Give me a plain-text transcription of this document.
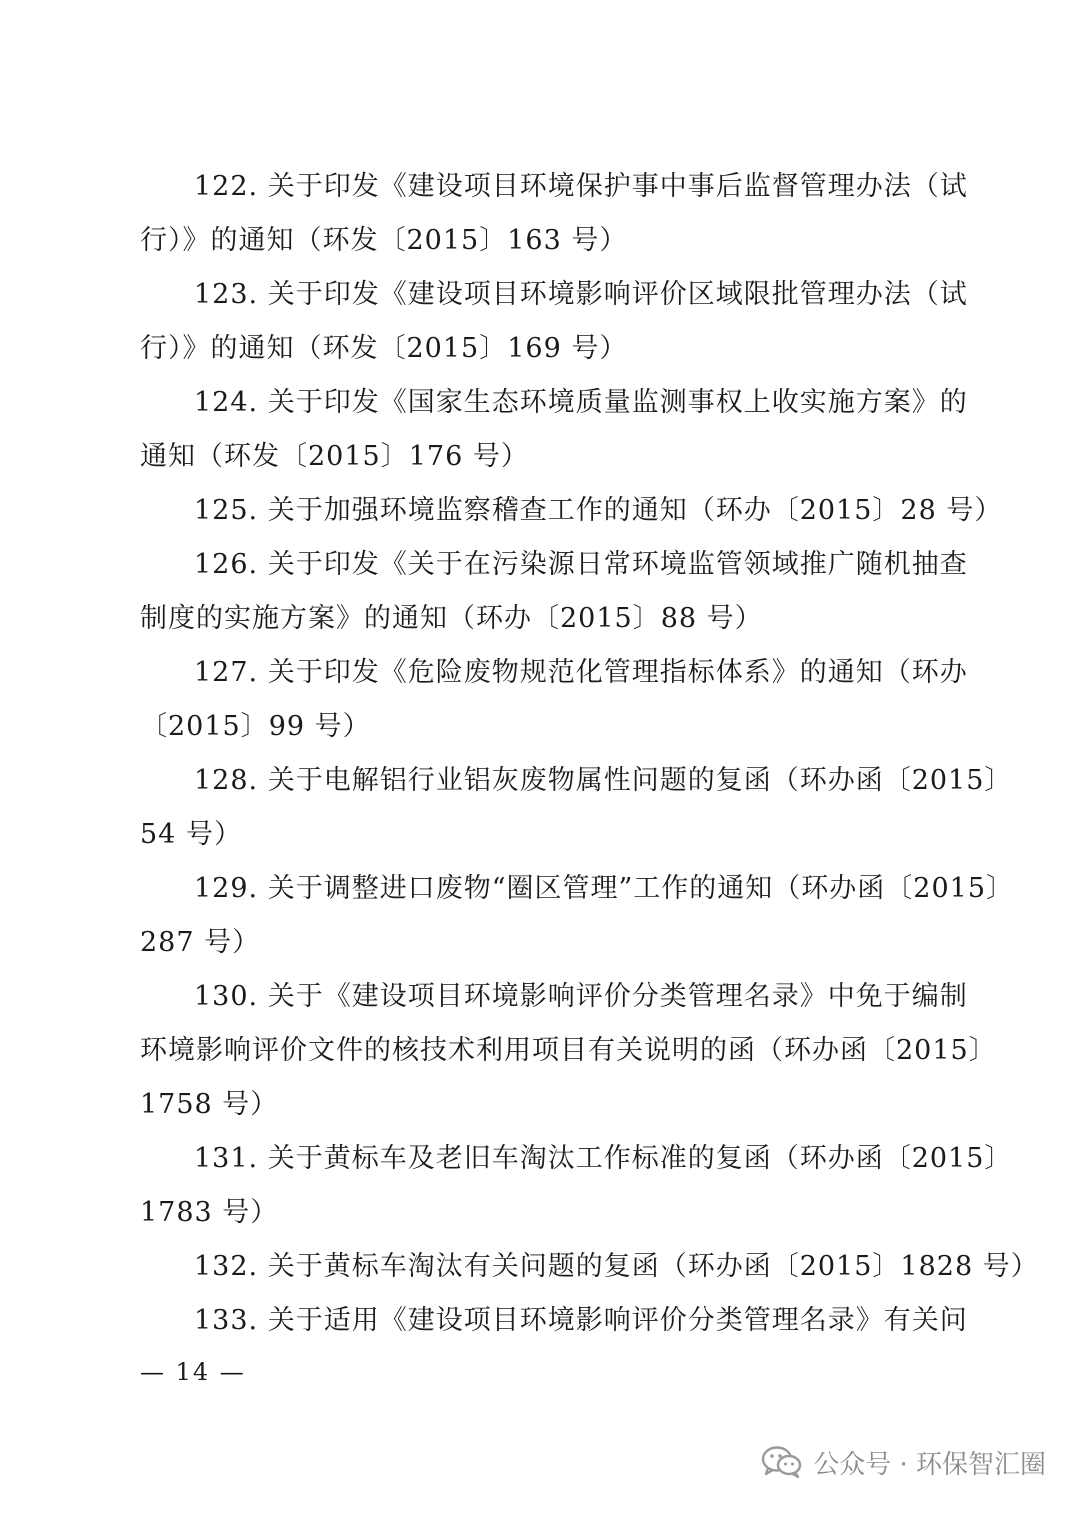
122. 关于印发《建设项目环境保护事中事后监督管理办法（试
行）》的通知（环发〔2015〕163 号）
123. 关于印发《建设项目环境影响评价区域限批管理办法（试
行）》的通知（环发〔2015〕169 号）
124. 关于印发《国家生态环境质量监测事权上收实施方案》的
通知（环发〔2015〕176 号）
125. 关于加强环境监察稽查工作的通知（环办〔2015〕28 号）
126. 关于印发《关于在污染源日常环境监管领域推广随机抽查
制度的实施方案》的通知（环办〔2015〕88 号）
127. 关于印发《危险废物规范化管理指标体系》的通知（环办
〔2015〕99 号）
128. 关于电解铝行业铝灰废物属性问题的复函（环办函〔2015〕
54 号）
129. 关于调整进口废物“圈区管理”工作的通知（环办函〔2015〕
287 号）
130. 关于《建设项目环境影响评价分类管理名录》中免于编制
环境影响评价文件的核技术利用项目有关说明的函（环办函〔2015〕
1758 号）
131. 关于黄标车及老旧车淘汰工作标准的复函（环办函〔2015〕
1783 号）
132. 关于黄标车淘汰有关问题的复函（环办函〔2015〕1828 号）
133. 关于适用《建设项目环境影响评价分类管理名录》有关问
— 14 —
公众号 · 环保智汇圈
